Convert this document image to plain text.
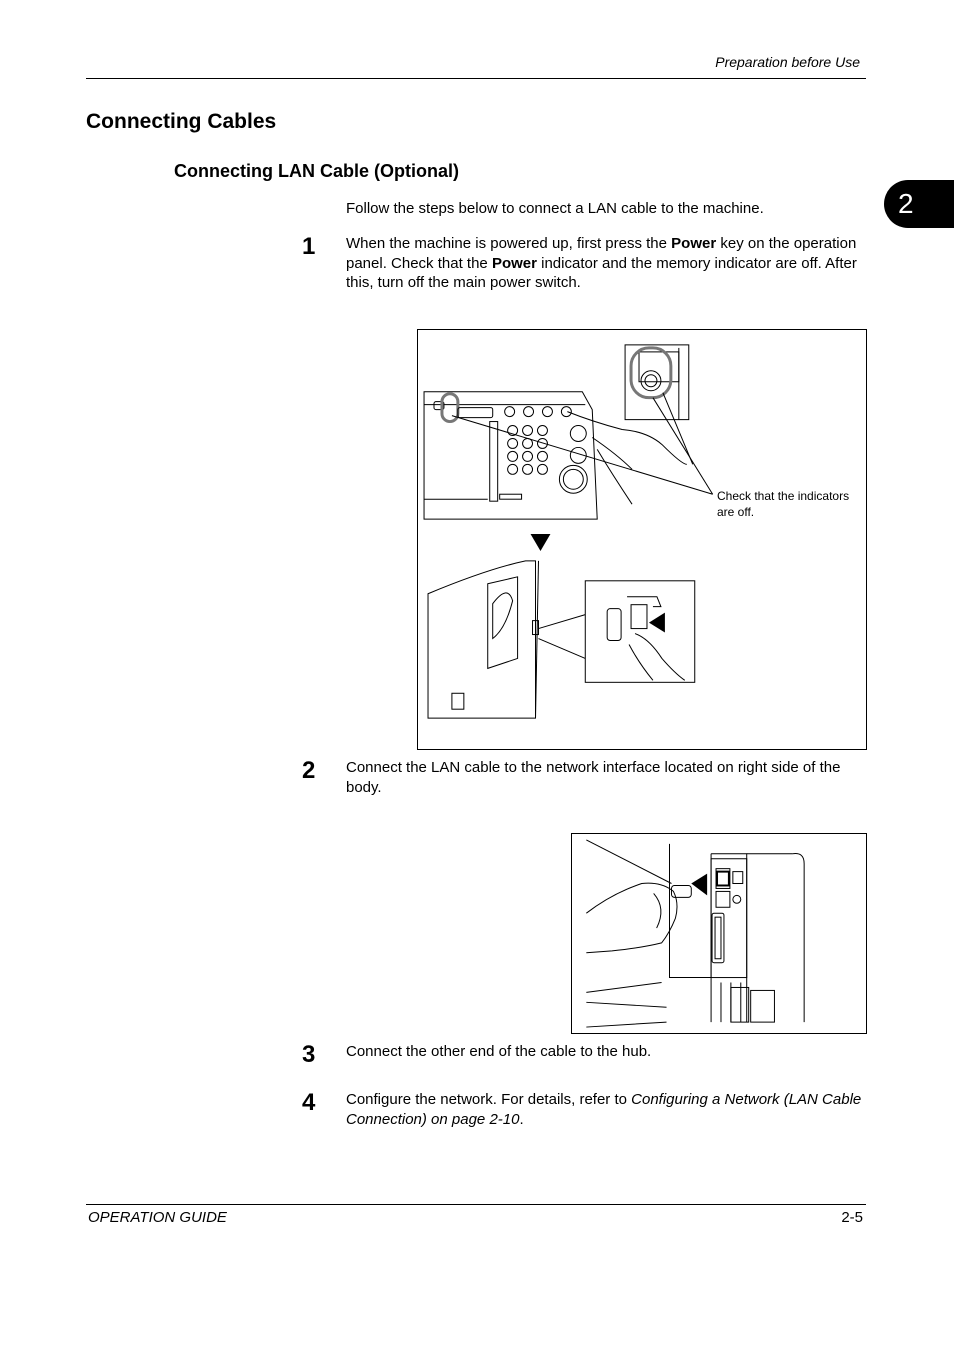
Preparation before Use
Connecting Cables
Connecting LAN Cable (Optional)
2
Follow the steps below to connect a LAN cable to the machine.
1 When the machine is powered up, first press the Power key on the operation panel. Check that the Power indicator and the memory indicator are off. After this, turn off the main power switch.
Check that the indicators are off.
2 Connect the LAN cable to the network interface located on right side of the body.
3 Connect the other end of the cable to the hub.
4 Configure the network. For details, refer to Configuring a Network (LAN Cable Connection) on page 2-10.
OPERATION GUIDE	2-5
